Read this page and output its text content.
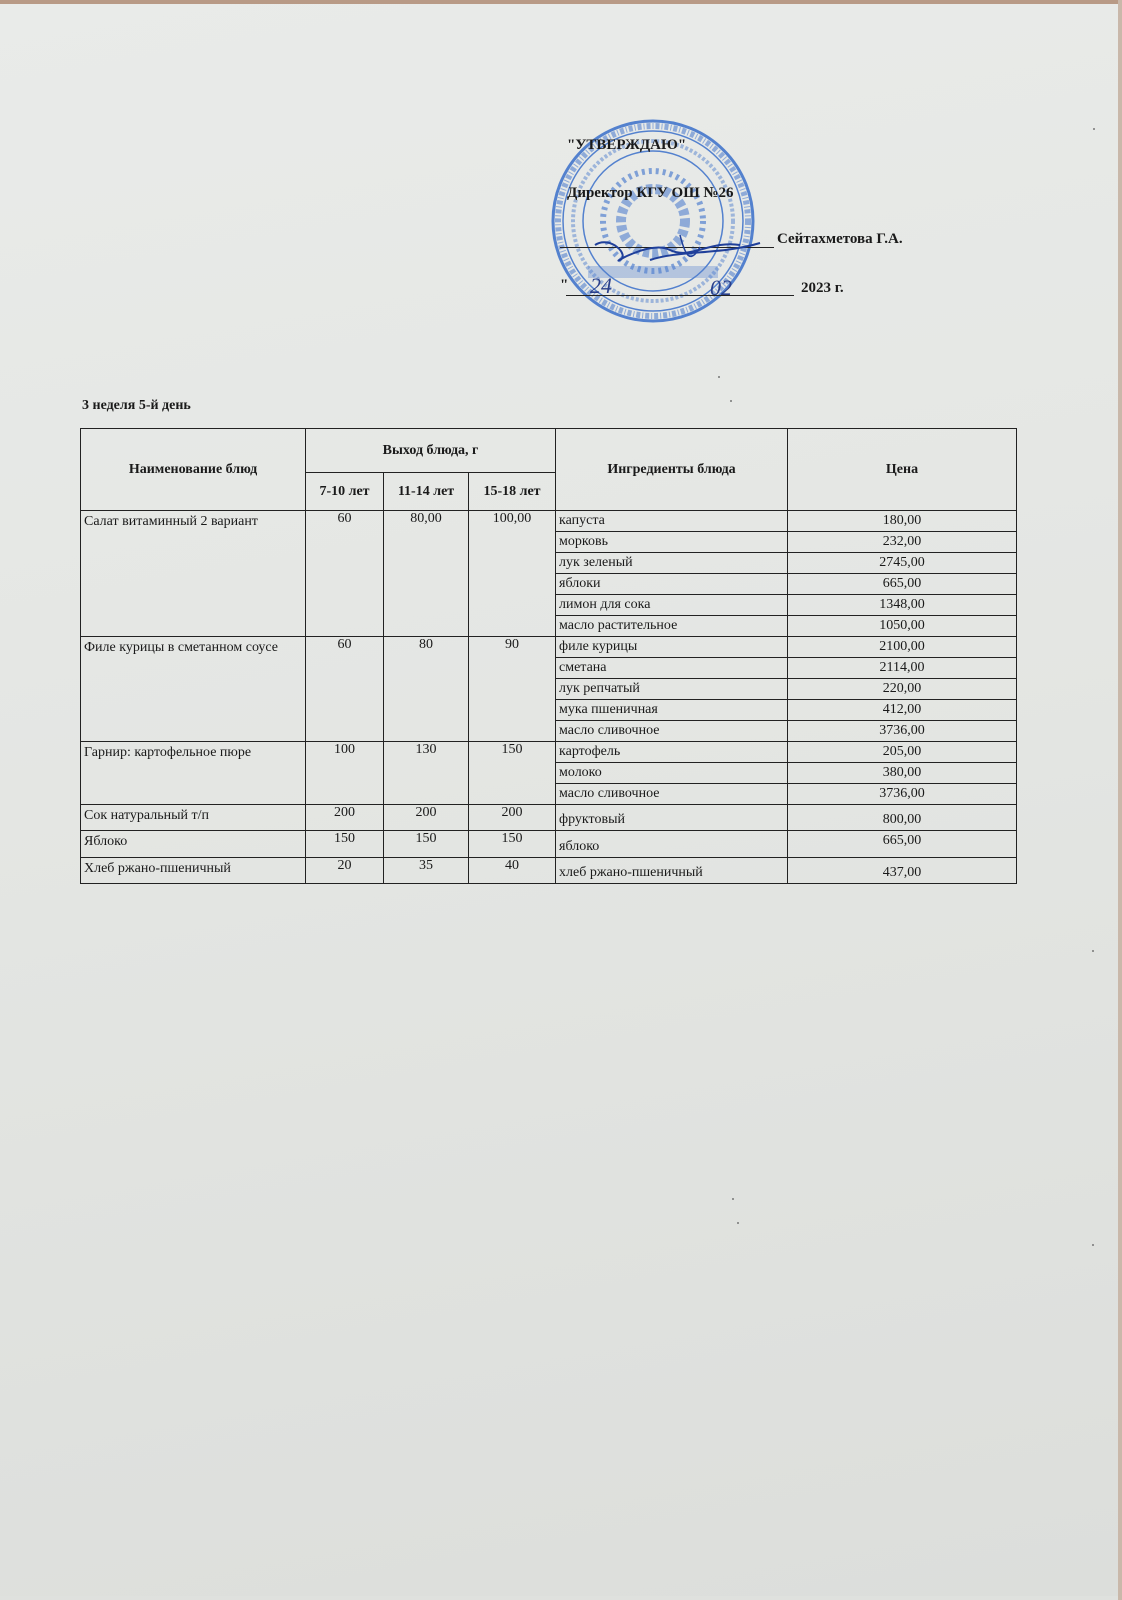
"УТВЕРЖДАЮ"
Директор КГУ ОШ №26
Сейтахметова Г.А.
"	2023 г.
24	02
3 неделя 5-й день
Наименование блюд	Выход блюда, г			Ингредиенты блюда	Цена
	7-10 лет	11-14 лет	15-18 лет		
Салат витаминный 2 вариант	60	80,00	100,00	капуста	180,00
				морковь	232,00
				лук зеленый	2745,00
				яблоки	665,00
				лимон для сока	1348,00
				масло растительное	1050,00
Филе курицы в сметанном соусе	60	80	90	филе курицы	2100,00
				сметана	2114,00
				лук репчатый	220,00
				мука пшеничная	412,00
				масло сливочное	3736,00
Гарнир: картофельное пюре	100	130	150	картофель	205,00
				молоко	380,00
				масло сливочное	3736,00
Сок натуральный т/п	200	200	200	фруктовый	800,00
Яблоко	150	150	150	яблоко	665,00
Хлеб ржано-пшеничный	20	35	40	хлеб ржано-пшеничный	437,00
